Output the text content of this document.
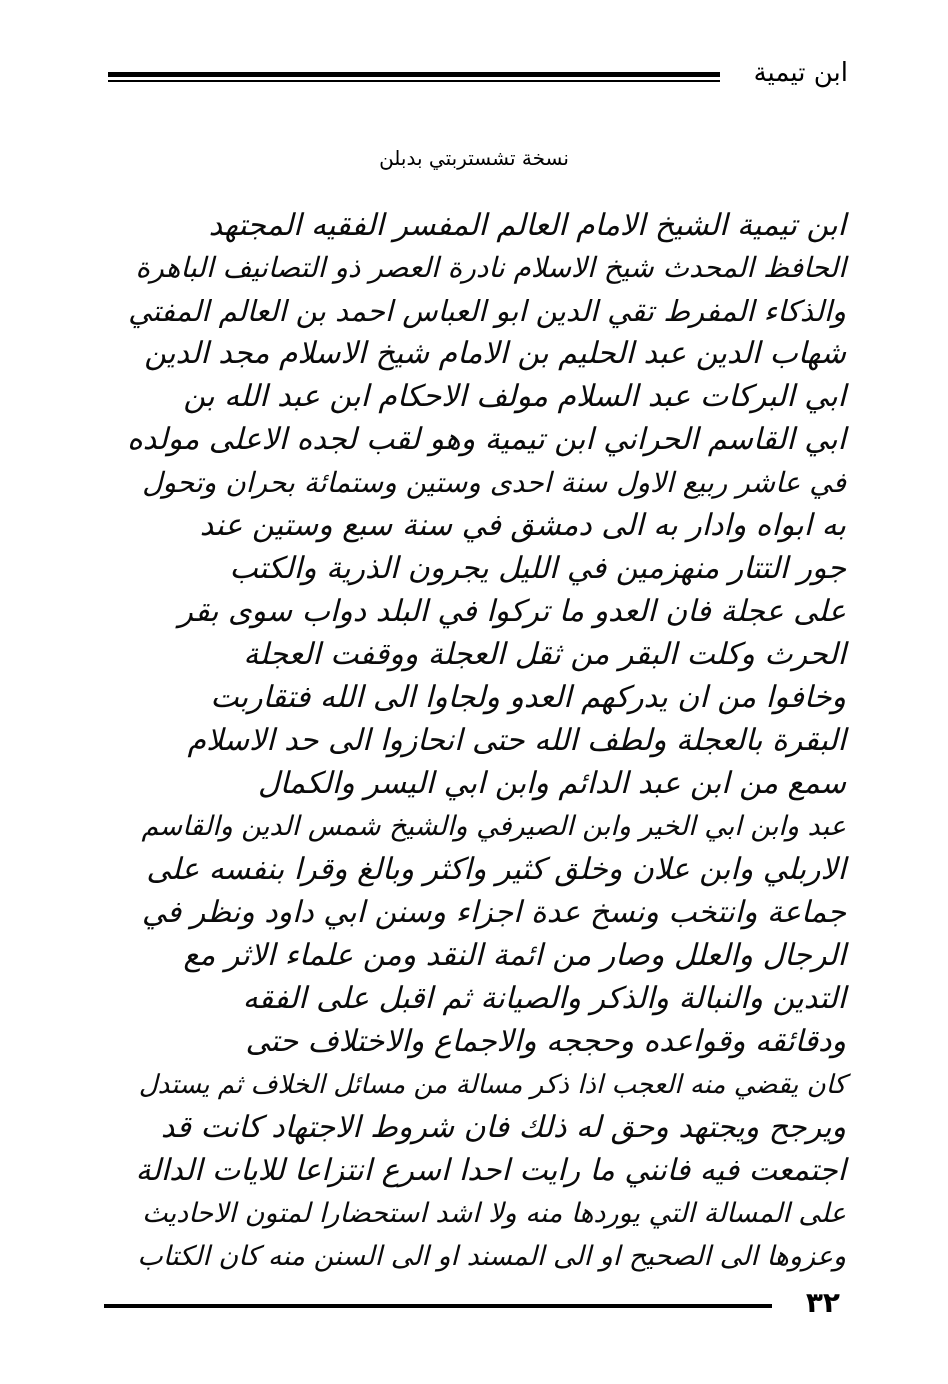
ابن تيمية
نسخة تشستربتي بدبلن
ابن تيمية الشيخ الامام العالم المفسر الفقيه المجتهد
الحافظ المحدث شيخ الاسلام نادرة العصر ذو التصانيف الباهرة
والذكاء المفرط تقي الدين ابو العباس احمد بن العالم المفتي
شهاب الدين عبد الحليم بن الامام شيخ الاسلام مجد الدين
ابي البركات عبد السلام مولف الاحكام ابن عبد الله بن
ابي القاسم الحراني ابن تيمية وهو لقب لجده الاعلى مولده
في عاشر ربيع الاول سنة احدى وستين وستمائة بحران وتحول
به ابواه وادار به الى دمشق في سنة سبع وستين عند
جور التتار منهزمين في الليل يجرون الذرية والكتب
على عجلة فان العدو ما تركوا في البلد دواب سوى بقر
الحرث وكلت البقر من ثقل العجلة ووقفت العجلة
وخافوا من ان يدركهم العدو ولجاوا الى الله فتقاربت
البقرة بالعجلة ولطف الله حتى انحازوا الى حد الاسلام
سمع من ابن عبد الدائم وابن ابي اليسر والكمال
عبد وابن ابي الخير وابن الصيرفي والشيخ شمس الدين والقاسم
الاربلي وابن علان وخلق كثير واكثر وبالغ وقرا بنفسه على
جماعة وانتخب ونسخ عدة اجزاء وسنن ابي داود ونظر في
الرجال والعلل وصار من ائمة النقد ومن علماء الاثر مع
التدين والنبالة والذكر والصيانة ثم اقبل على الفقه
ودقائقه وقواعده وحججه والاجماع والاختلاف حتى
كان يقضي منه العجب اذا ذكر مسالة من مسائل الخلاف ثم يستدل
ويرجح ويجتهد وحق له ذلك فان شروط الاجتهاد كانت قد
اجتمعت فيه فانني ما رايت احدا اسرع انتزاعا للايات الدالة
على المسالة التي يوردها منه ولا اشد استحضارا لمتون الاحاديث
وعزوها الى الصحيح او الى المسند او الى السنن منه كان الكتاب
٣٢
